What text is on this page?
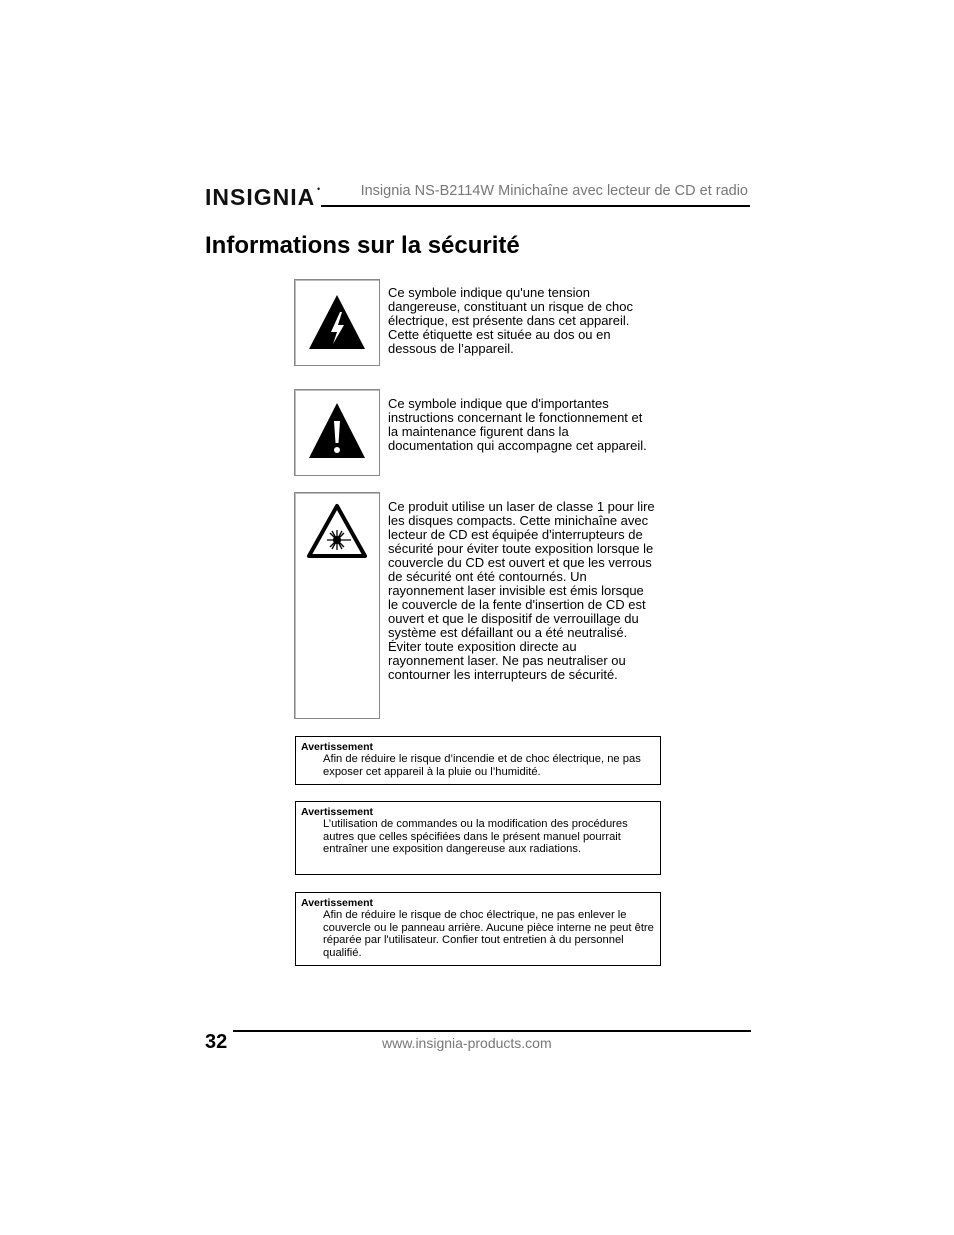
INSIGNIA •	Insignia NS-B2114W Minichaîne avec lecteur de CD et radio
Informations sur la sécurité

Ce symbole indique qu'une tension dangereuse, constituant un risque de choc électrique, est présente dans cet appareil. Cette étiquette est située au dos ou en dessous de l’appareil.

Ce symbole indique que d'importantes instructions concernant le fonctionnement et la maintenance figurent dans la documentation qui accompagne cet appareil.

Ce produit utilise un laser de classe 1 pour lire les disques compacts. Cette minichaîne avec lecteur de CD est équipée d'interrupteurs de sécurité pour éviter toute exposition lorsque le couvercle du CD est ouvert et que les verrous de sécurité ont été contournés. Un rayonnement laser invisible est émis lorsque le couvercle de la fente d'insertion de CD est ouvert et que le dispositif de verrouillage du système est défaillant ou a été neutralisé. Éviter toute exposition directe au rayonnement laser. Ne pas neutraliser ou contourner les interrupteurs de sécurité.

Avertissement

Afin de réduire le risque d’incendie et de choc électrique, ne pas exposer cet appareil à la pluie ou l’humidité.

Avertissement

L’utilisation de commandes ou la modification des procédures autres que celles spécifiées dans le présent manuel pourrait entraîner une exposition dangereuse aux radiations.

Avertissement

Afin de réduire le risque de choc électrique, ne pas enlever le couvercle ou le panneau arrière. Aucune pièce interne ne peut être réparée par l'utilisateur. Confier tout entretien à du personnel qualifié.

32	www.insignia-products.com
